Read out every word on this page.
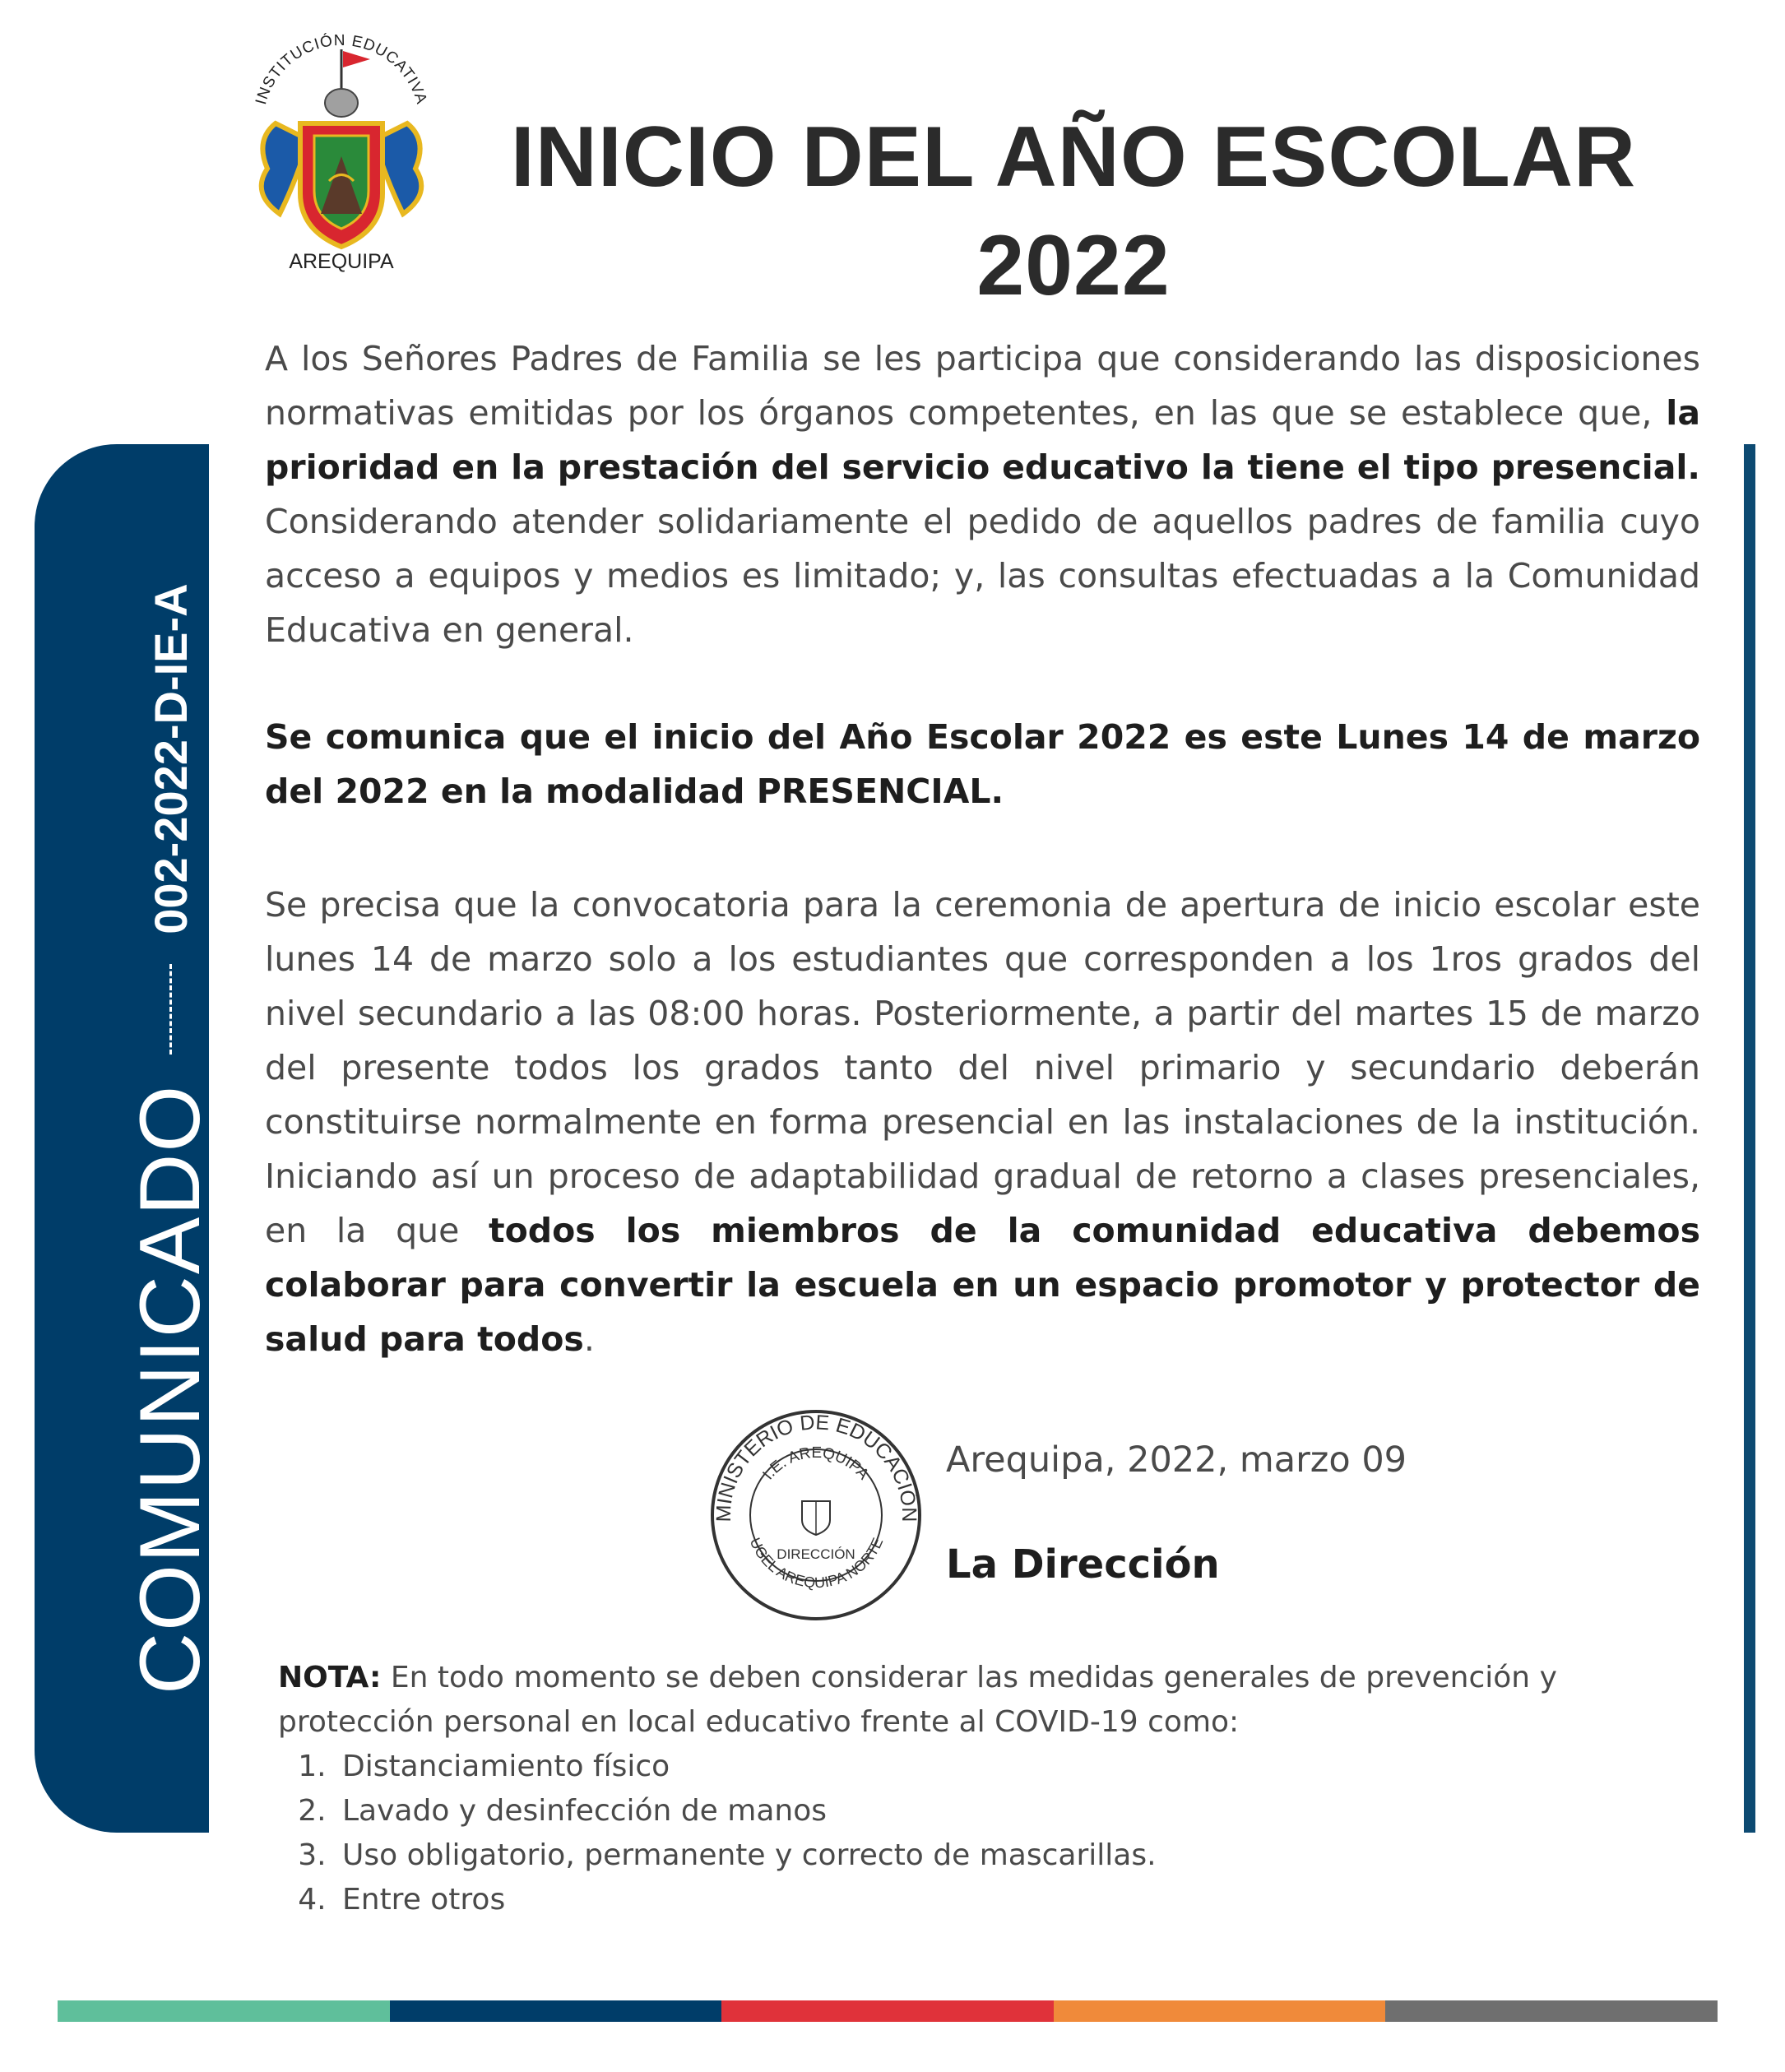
INSTITUCIÓN EDUCATIVA
AREQUIPA
INICIO DEL AÑO ESCOLAR
2022
COMUNICADO
002-2022-D-IE-A

A los Señores Padres de Familia se les participa que considerando las disposiciones normativas emitidas por los órganos competentes, en las que se establece que, la prioridad en la prestación del servicio educativo la tiene el tipo presencial. Considerando atender solidariamente el pedido de aquellos padres de familia cuyo acceso a equipos y medios es limitado; y, las consultas efectuadas a la Comunidad Educativa en general.

Se comunica que el inicio del Año Escolar 2022 es este Lunes 14 de marzo del 2022 en la modalidad PRESENCIAL.

Se precisa que la convocatoria para la ceremonia de apertura de inicio escolar este lunes 14 de marzo solo a los estudiantes que corresponden a los 1ros grados del nivel secundario a las 08:00 horas. Posteriormente, a partir del martes 15 de marzo del presente todos los grados tanto del nivel primario y secundario deberán constituirse normalmente en forma presencial en las instalaciones de la institución. Iniciando así un proceso de adaptabilidad gradual de retorno a clases presenciales, en la que todos los miembros de la comunidad educativa debemos colaborar para convertir la escuela en un espacio promotor y protector de salud para todos.

MINISTERIO DE EDUCACIÓN
I.E. AREQUIPA
DIRECCIÓN
UGEL AREQUIPA NORTE
Arequipa, 2022, marzo 09
La Dirección
NOTA: En todo momento se deben considerar las medidas generales de prevención y protección personal en local educativo frente al COVID-19 como:
1. Distanciamiento físico
2. Lavado y desinfección de manos
3. Uso obligatorio, permanente y correcto de mascarillas.
4. Entre otros
